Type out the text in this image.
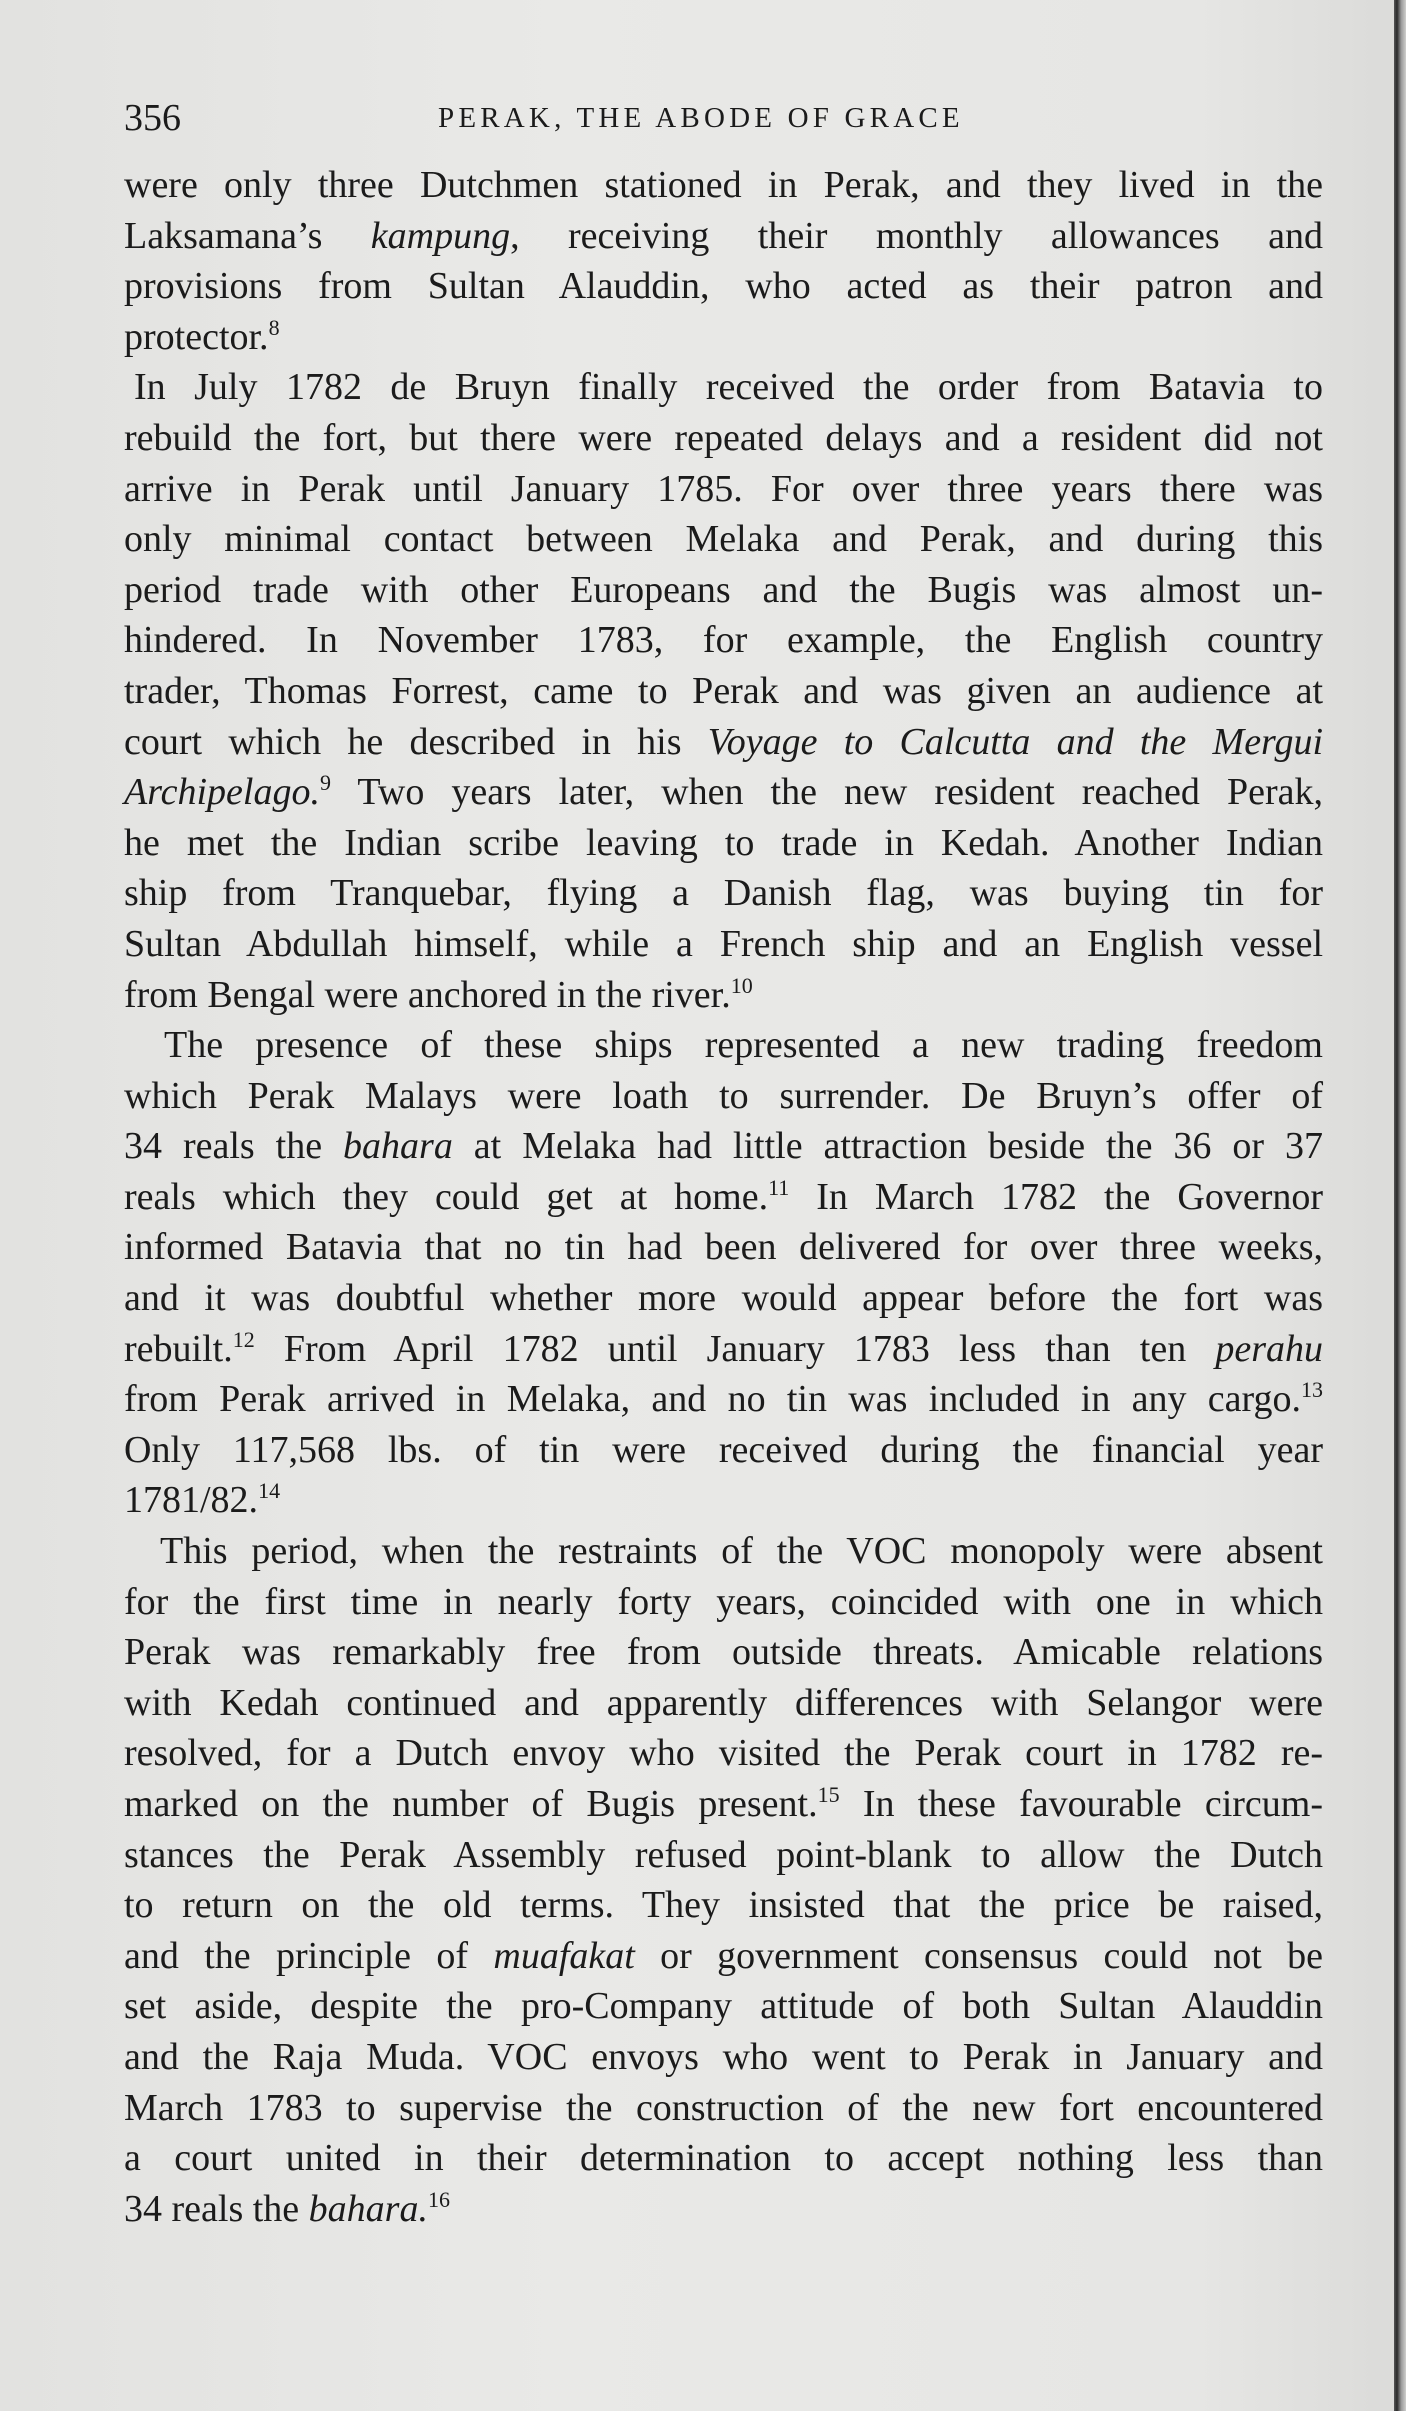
356	PERAK, THE ABODE OF GRACE
were only three Dutchmen stationed in Perak, and they lived in the
Laksamana’s kampung, receiving their monthly allowances and
provisions from Sultan Alauddin, who acted as their patron and
protector.$^8$
In July 1782 de Bruyn finally received the order from Batavia to
rebuild the fort, but there were repeated delays and a resident did not
arrive in Perak until January 1785. For over three years there was
only minimal contact between Melaka and Perak, and during this
period trade with other Europeans and the Bugis was almost un-
hindered. In November 1783, for example, the English country
trader, Thomas Forrest, came to Perak and was given an audience at
court which he described in his Voyage to Calcutta and the Mergui
Archipelago.$^9$ Two years later, when the new resident reached Perak,
he met the Indian scribe leaving to trade in Kedah. Another Indian
ship from Tranquebar, flying a Danish flag, was buying tin for
Sultan Abdullah himself, while a French ship and an English vessel
from Bengal were anchored in the river.$^{10}$
The presence of these ships represented a new trading freedom
which Perak Malays were loath to surrender. De Bruyn’s offer of
34 reals the bahara at Melaka had little attraction beside the 36 or 37
reals which they could get at home.$^{11}$ In March 1782 the Governor
informed Batavia that no tin had been delivered for over three weeks,
and it was doubtful whether more would appear before the fort was
rebuilt.$^{12}$ From April 1782 until January 1783 less than ten perahu
from Perak arrived in Melaka, and no tin was included in any cargo.$^{13}$
Only 117,568 lbs. of tin were received during the financial year
1781/82.14
This period, when the restraints of the VOC monopoly were absent
for the first time in nearly forty years, coincided with one in which
Perak was remarkably free from outside threats. Amicable relations
with Kedah continued and apparently differences with Selangor were
resolved, for a Dutch envoy who visited the Perak court in 1782 re-
marked on the number of Bugis present.$^{15}$ In these favourable circum-
stances the Perak Assembly refused point-blank to allow the Dutch
to return on the old terms. They insisted that the price be raised,
and the principle of muafakat or government consensus could not be
set aside, despite the pro-Company attitude of both Sultan Alauddin
and the Raja Muda. VOC envoys who went to Perak in January and
March 1783 to supervise the construction of the new fort encountered
a court united in their determination to accept nothing less than
34 reals the bahara.$^{16}$
